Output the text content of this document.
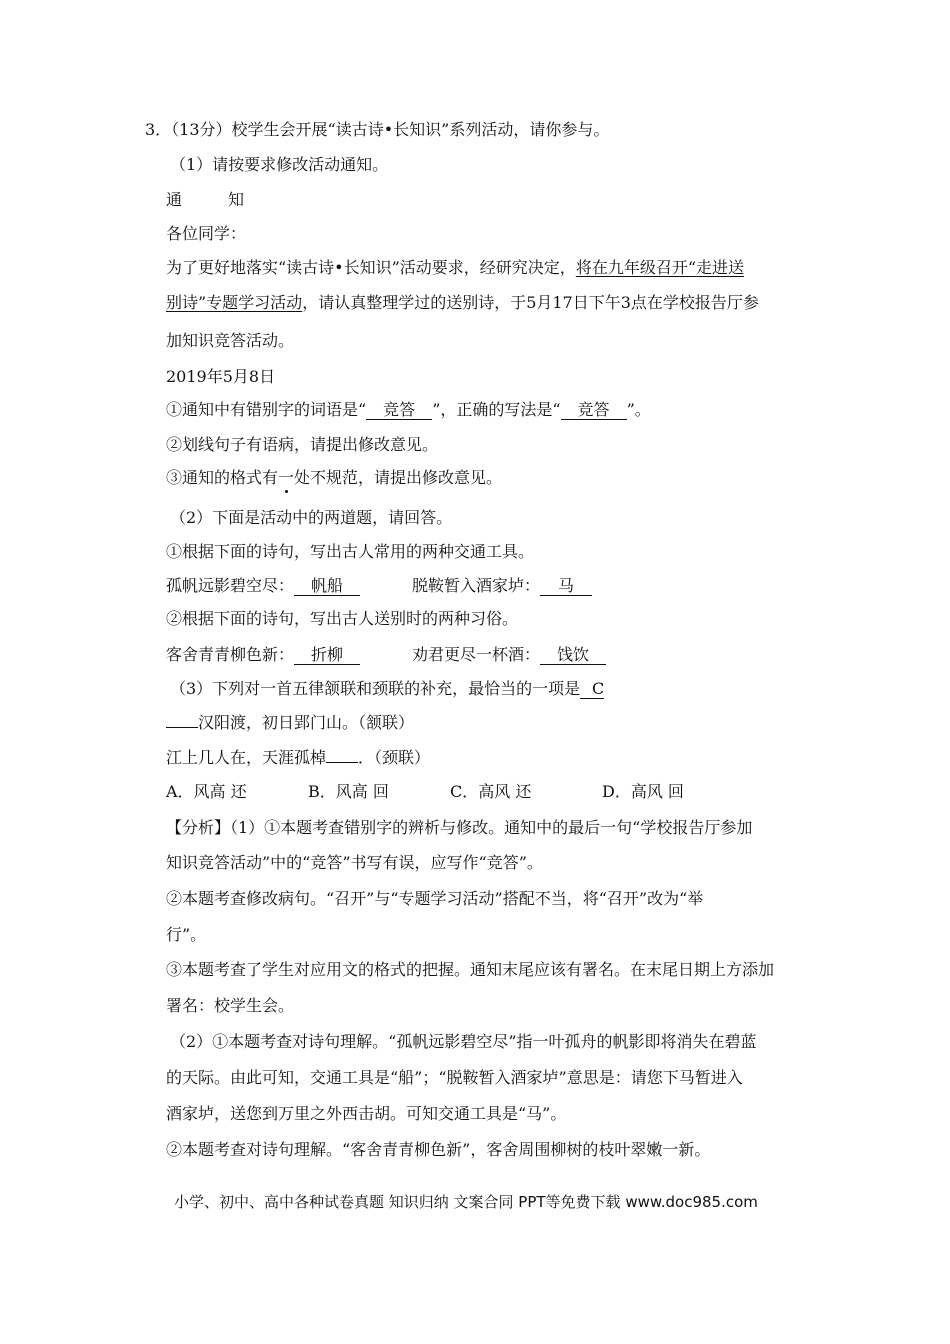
3．（13分）校学生会开展“读古诗•长知识”系列活动，请你参与。
（1）请按要求修改活动通知。
通	知
各位同学：
为了更好地落实“读古诗•长知识”活动要求，经研究决定，将在九年级召开“走进送
别诗”专题学习活动，请认真整理学过的送别诗，于5月17日下午3点在学校报告厅参
加知识竞答活动。
2019年5月8日
①通知中有错别字的词语是“ 竞答 ”，正确的写法是“ 竞答 ”。
②划线句子有语病，请提出修改意见。
③通知的格式有一处不规范，请提出修改意见。
（2）下面是活动中的两道题，请回答。
①根据下面的诗句，写出古人常用的两种交通工具。
孤帆远影碧空尽： 帆船	脱鞍暂入酒家垆： 马
②根据下面的诗句，写出古人送别时的两种习俗。
客舍青青柳色新： 折柳	劝君更尽一杯酒： 饯饮
（3）下列对一首五律颔联和颈联的补充，最恰当的一项是 C
汉阳渡，初日郢门山。（颔联）
江上几人在，天涯孤棹 ．（颈联）
A．风高 还	B．风高 回	C．高风 还	D．高风 回
【分析】（1）①本题考查错别字的辨析与修改。通知中的最后一句“学校报告厅参加
知识竞答活动”中的“竞答”书写有误，应写作“竞答”。
②本题考查修改病句。“召开”与“专题学习活动”搭配不当，将“召开”改为“举
行”。
③本题考查了学生对应用文的格式的把握。通知末尾应该有署名。在末尾日期上方添加
署名：校学生会。
（2）①本题考查对诗句理解。“孤帆远影碧空尽”指一叶孤舟的帆影即将消失在碧蓝
的天际。由此可知，交通工具是“船”；“脱鞍暂入酒家垆”意思是：请您下马暂进入
酒家垆，送您到万里之外西击胡。可知交通工具是“马”。
②本题考查对诗句理解。“客舍青青柳色新”，客舍周围柳树的枝叶翠嫩一新。
小学、初中、高中各种试卷真题 知识归纳 文案合同 PPT等免费下载 www.doc985.com
